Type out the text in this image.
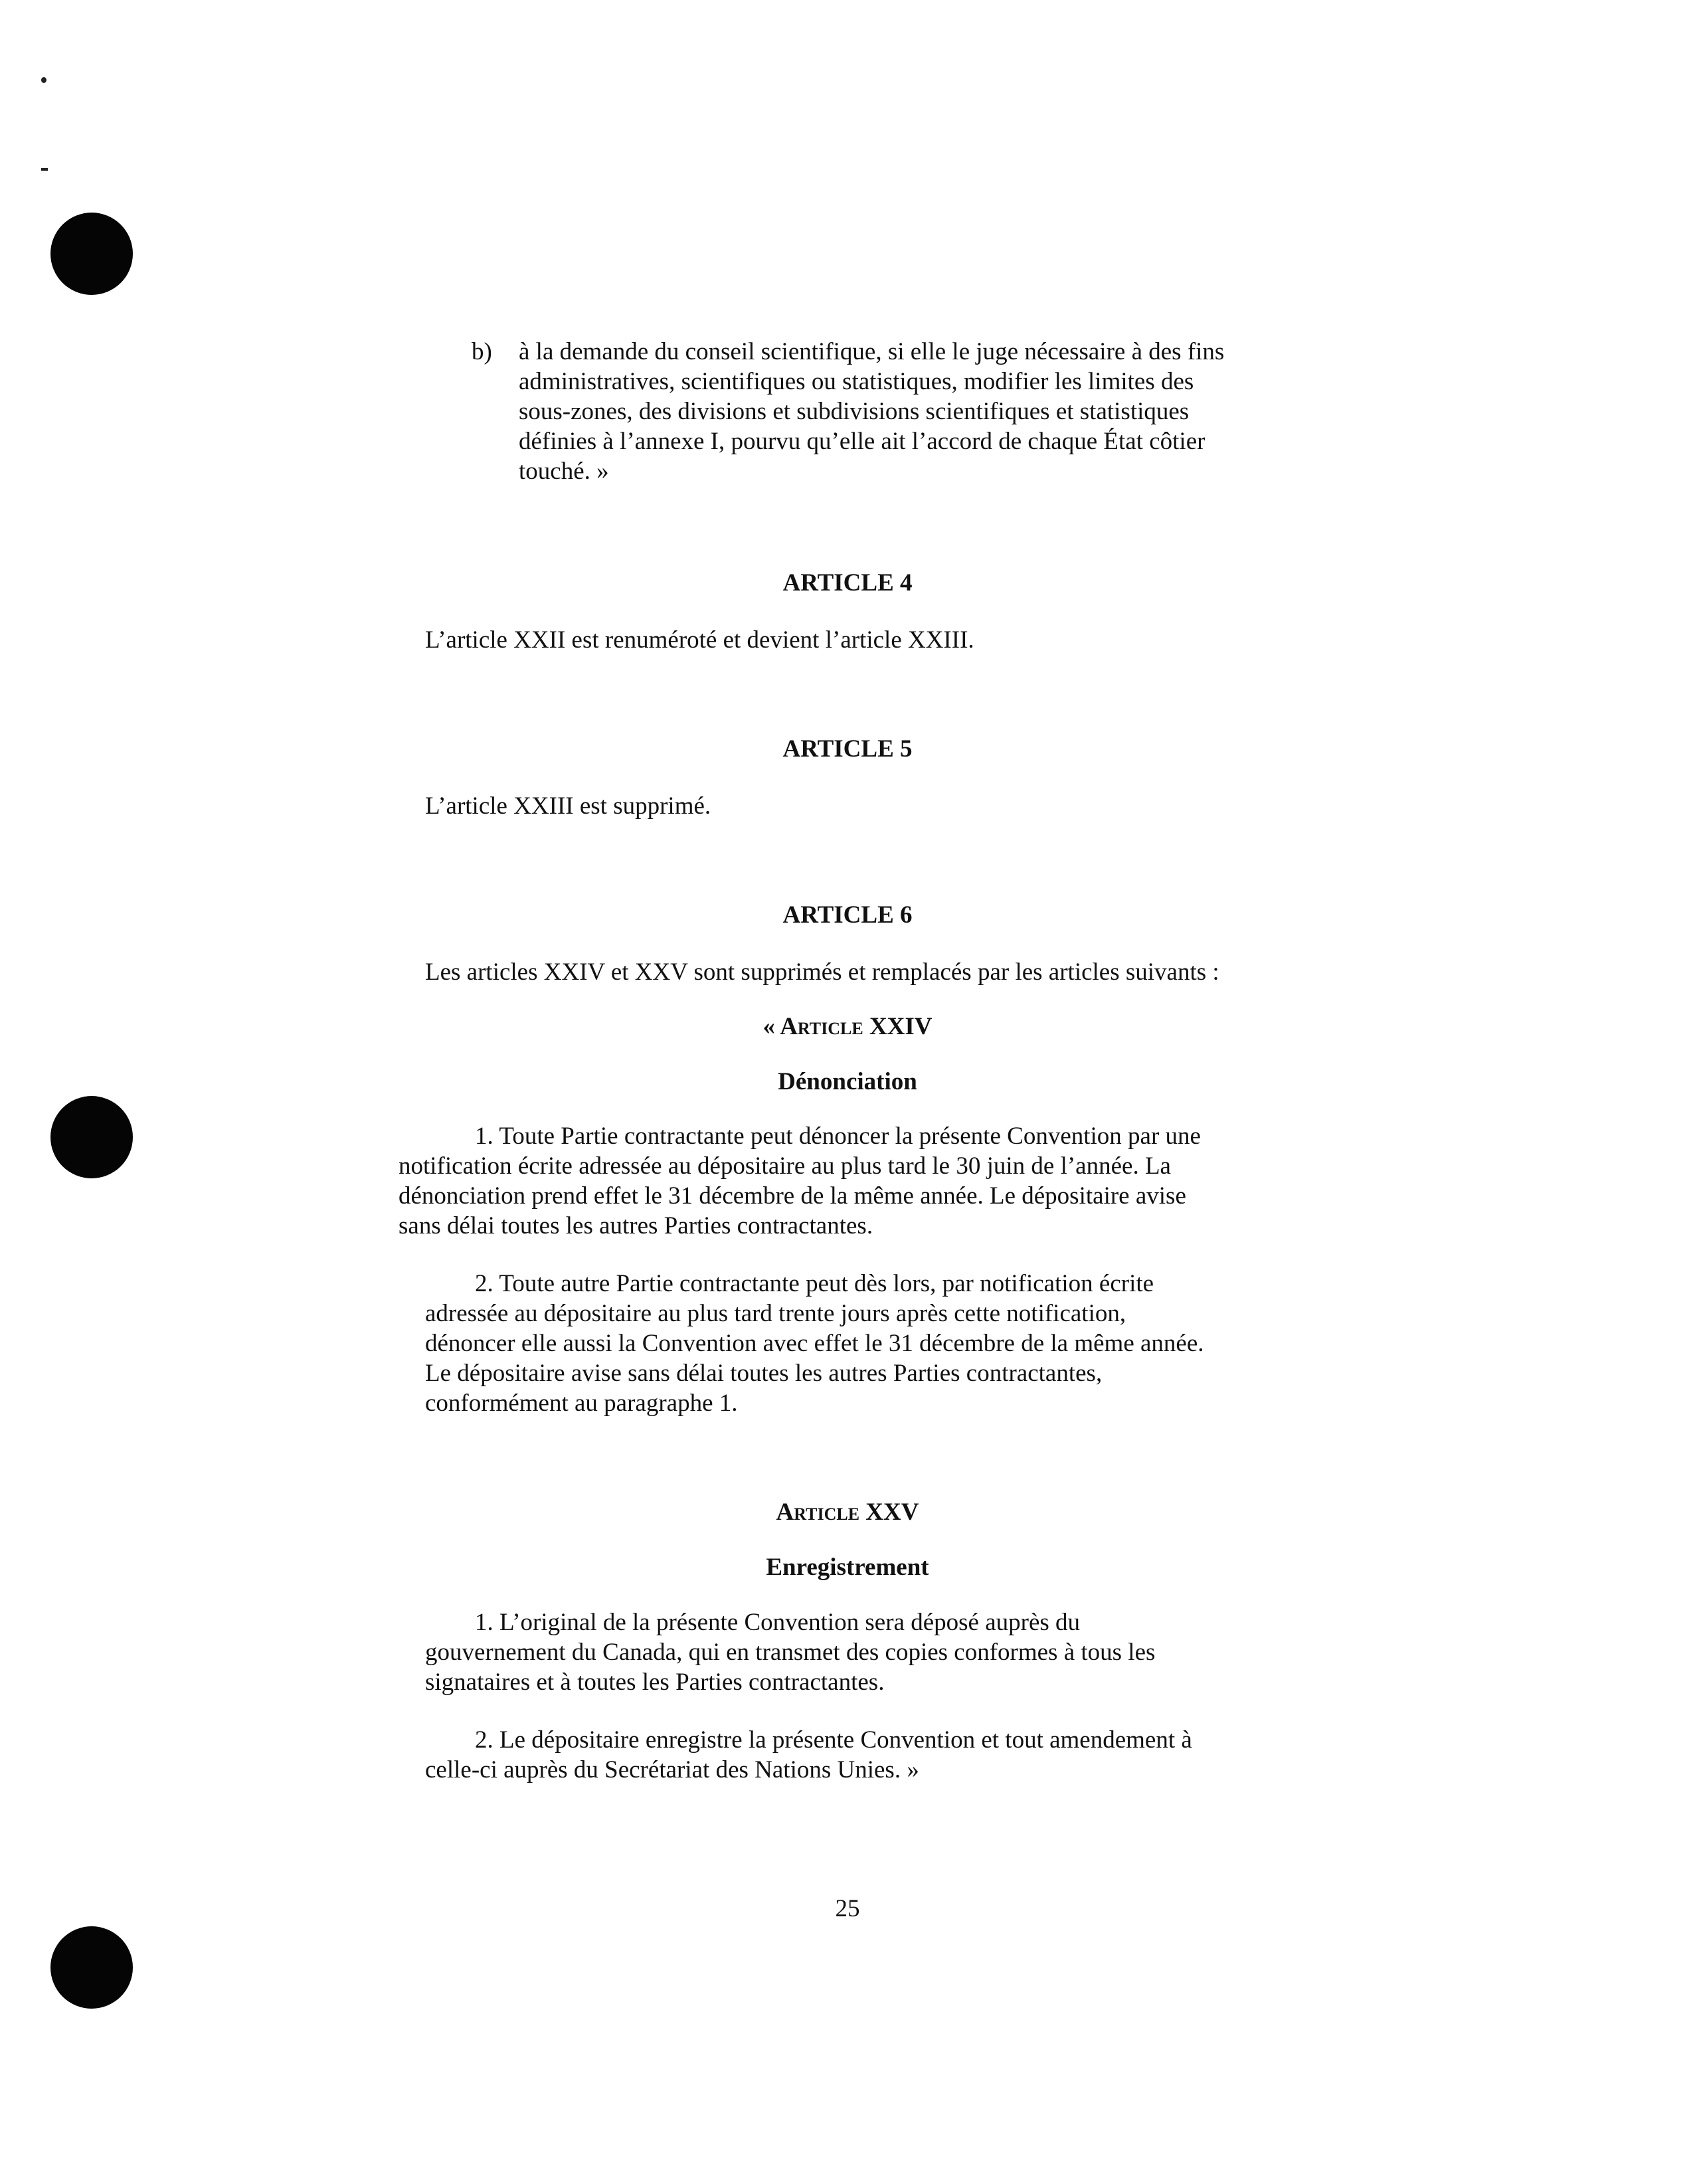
b) à la demande du conseil scientifique, si elle le juge nécessaire à des fins

administratives, scientifiques ou statistiques, modifier les limites des

sous-zones, des divisions et subdivisions scientifiques et statistiques

définies à l’annexe I, pourvu qu’elle ait l’accord de chaque État côtier

touché. »

ARTICLE 4

L’article XXII est renuméroté et devient l’article XXIII.

ARTICLE 5

L’article XXIII est supprimé.

ARTICLE 6

Les articles XXIV et XXV sont supprimés et remplacés par les articles suivants :

« Article XXIV

Dénonciation

1. Toute Partie contractante peut dénoncer la présente Convention par une

notification écrite adressée au dépositaire au plus tard le 30 juin de l’année. La

dénonciation prend effet le 31 décembre de la même année. Le dépositaire avise

sans délai toutes les autres Parties contractantes.

2. Toute autre Partie contractante peut dès lors, par notification écrite

adressée au dépositaire au plus tard trente jours après cette notification,

dénoncer elle aussi la Convention avec effet le 31 décembre de la même année.

Le dépositaire avise sans délai toutes les autres Parties contractantes,

conformément au paragraphe 1.

Article XXV

Enregistrement

1. L’original de la présente Convention sera déposé auprès du

gouvernement du Canada, qui en transmet des copies conformes à tous les

signataires et à toutes les Parties contractantes.

2. Le dépositaire enregistre la présente Convention et tout amendement à

celle-ci auprès du Secrétariat des Nations Unies. »

25
